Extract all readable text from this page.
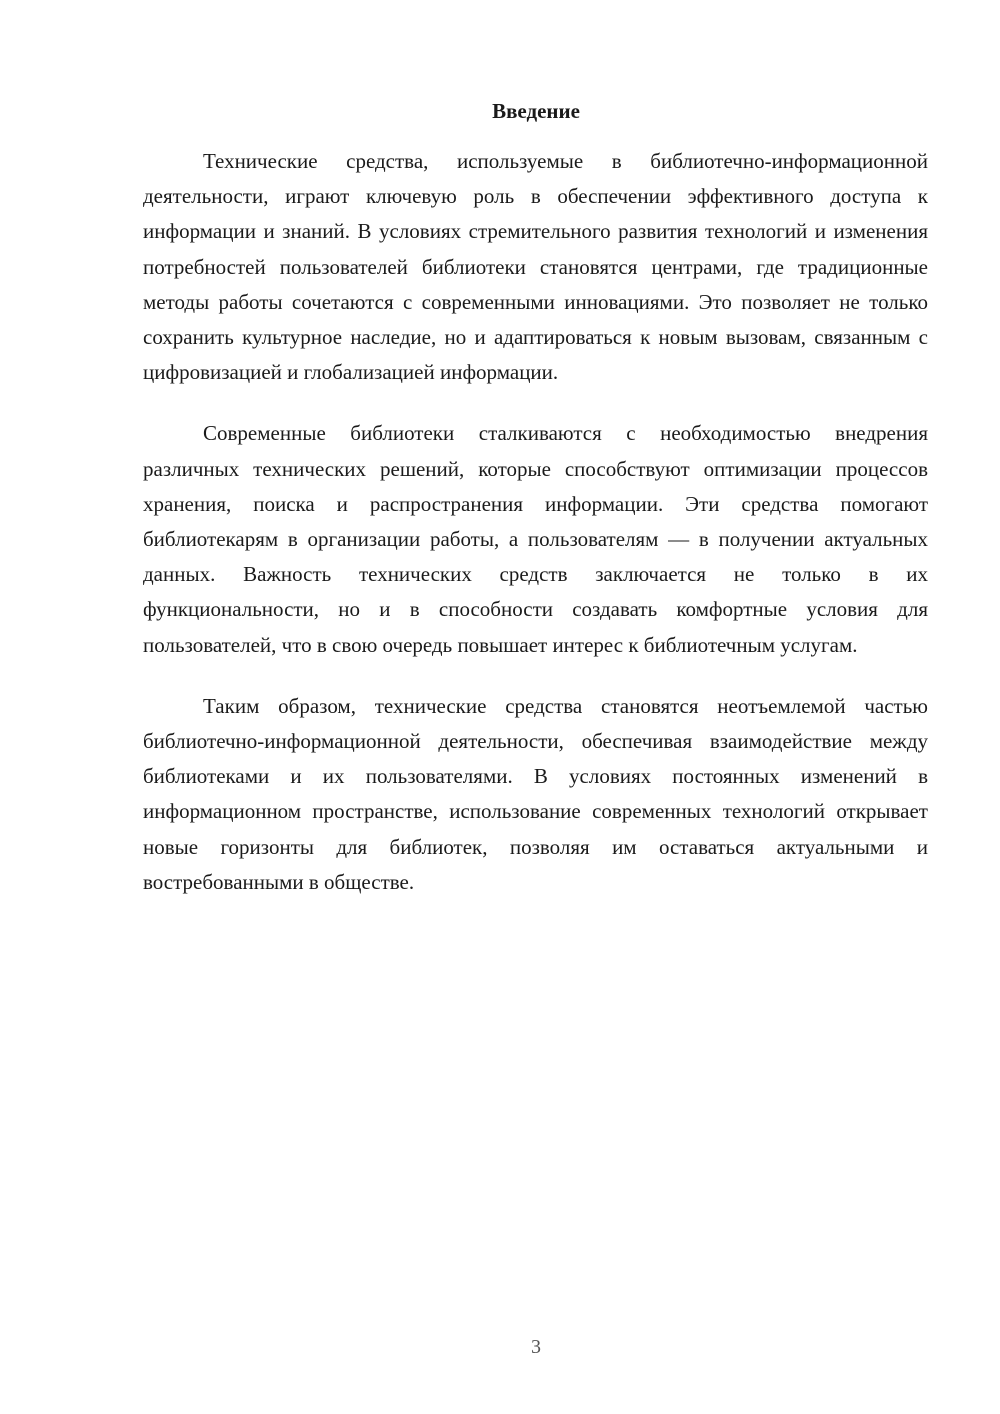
Введение

Технические средства, используемые в библиотечно-информационной деятельности, играют ключевую роль в обеспечении эффективного доступа к информации и знаний. В условиях стремительного развития технологий и изменения потребностей пользователей библиотеки становятся центрами, где традиционные методы работы сочетаются с современными инновациями. Это позволяет не только сохранить культурное наследие, но и адаптироваться к новым вызовам, связанным с цифровизацией и глобализацией информации.

Современные библиотеки сталкиваются с необходимостью внедрения различных технических решений, которые способствуют оптимизации процессов хранения, поиска и распространения информации. Эти средства помогают библиотекарям в организации работы, а пользователям — в получении актуальных данных. Важность технических средств заключается не только в их функциональности, но и в способности создавать комфортные условия для пользователей, что в свою очередь повышает интерес к библиотечным услугам.

Таким образом, технические средства становятся неотъемлемой частью библиотечно-информационной деятельности, обеспечивая взаимодействие между библиотеками и их пользователями. В условиях постоянных изменений в информационном пространстве, использование современных технологий открывает новые горизонты для библиотек, позволяя им оставаться актуальными и востребованными в обществе.

3
